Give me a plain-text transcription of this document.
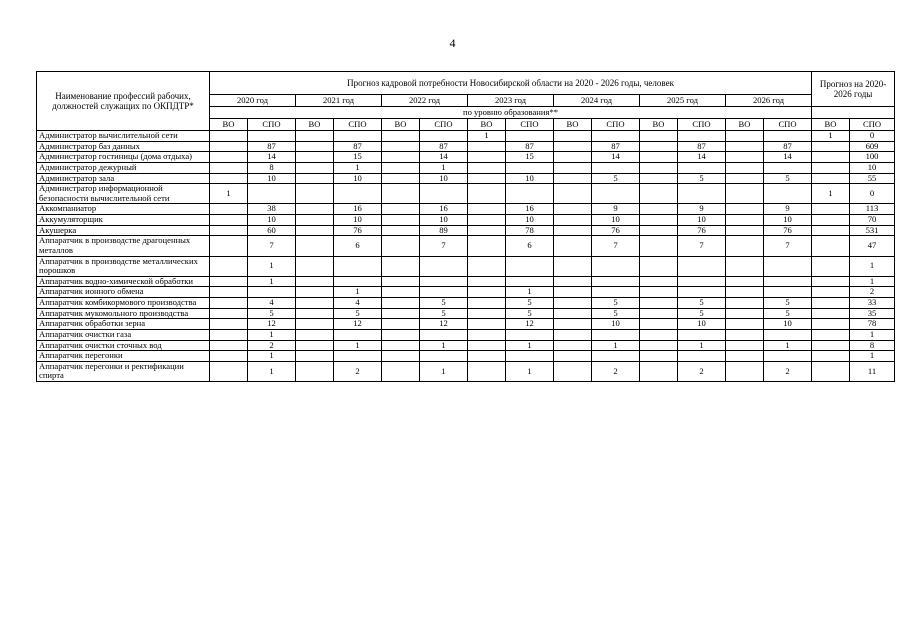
4
Наименование профессий рабочих, должностей служащих по ОКПДТР*	Прогноз кадровой потребности Новосибирской области на 2020 - 2026 годы, человек														Прогноз на 2020-2026 годы	
	2020 год		2021 год		2022 год		2023 год		2024 год		2025 год		2026 год			
	по уровню образования**															
	ВО	СПО	ВО	СПО	ВО	СПО	ВО	СПО	ВО	СПО	ВО	СПО	ВО	СПО	ВО	СПО
Администратор вычислительной сети							1								1	0
Администратор баз данных		87		87		87		87		87		87		87		609
Администратор гостиницы (дома отдыха)		14		15		14		15		14		14		14		100
Администратор дежурный		8		1		1										10
Администратор зала		10		10		10		10		5		5		5		55
Администратор информационной безопасности вычислительной сети	1														1	0
Аккомпаниатор		38		16		16		16		9		9		9		113
Аккумуляторщик		10		10		10		10		10		10		10		70
Акушерка		60		76		89		78		76		76		76		531
Аппаратчик в производстве драгоценных металлов		7		6		7		6		7		7		7		47
Аппаратчик в производстве металлических порошков		1														1
Аппаратчик водно-химической обработки		1														1
Аппаратчик ионного обмена				1				1								2
Аппаратчик комбикормового производства		4		4		5		5		5		5		5		33
Аппаратчик мукомольного производства		5		5		5		5		5		5		5		35
Аппаратчик обработки зерна		12		12		12		12		10		10		10		78
Аппаратчик очистки газа		1														1
Аппаратчик очистки сточных вод		2		1		1		1		1		1		1		8
Аппаратчик перегонки		1														1
Аппаратчик перегонки и ректификации спирта		1		2		1		1		2		2		2		11
